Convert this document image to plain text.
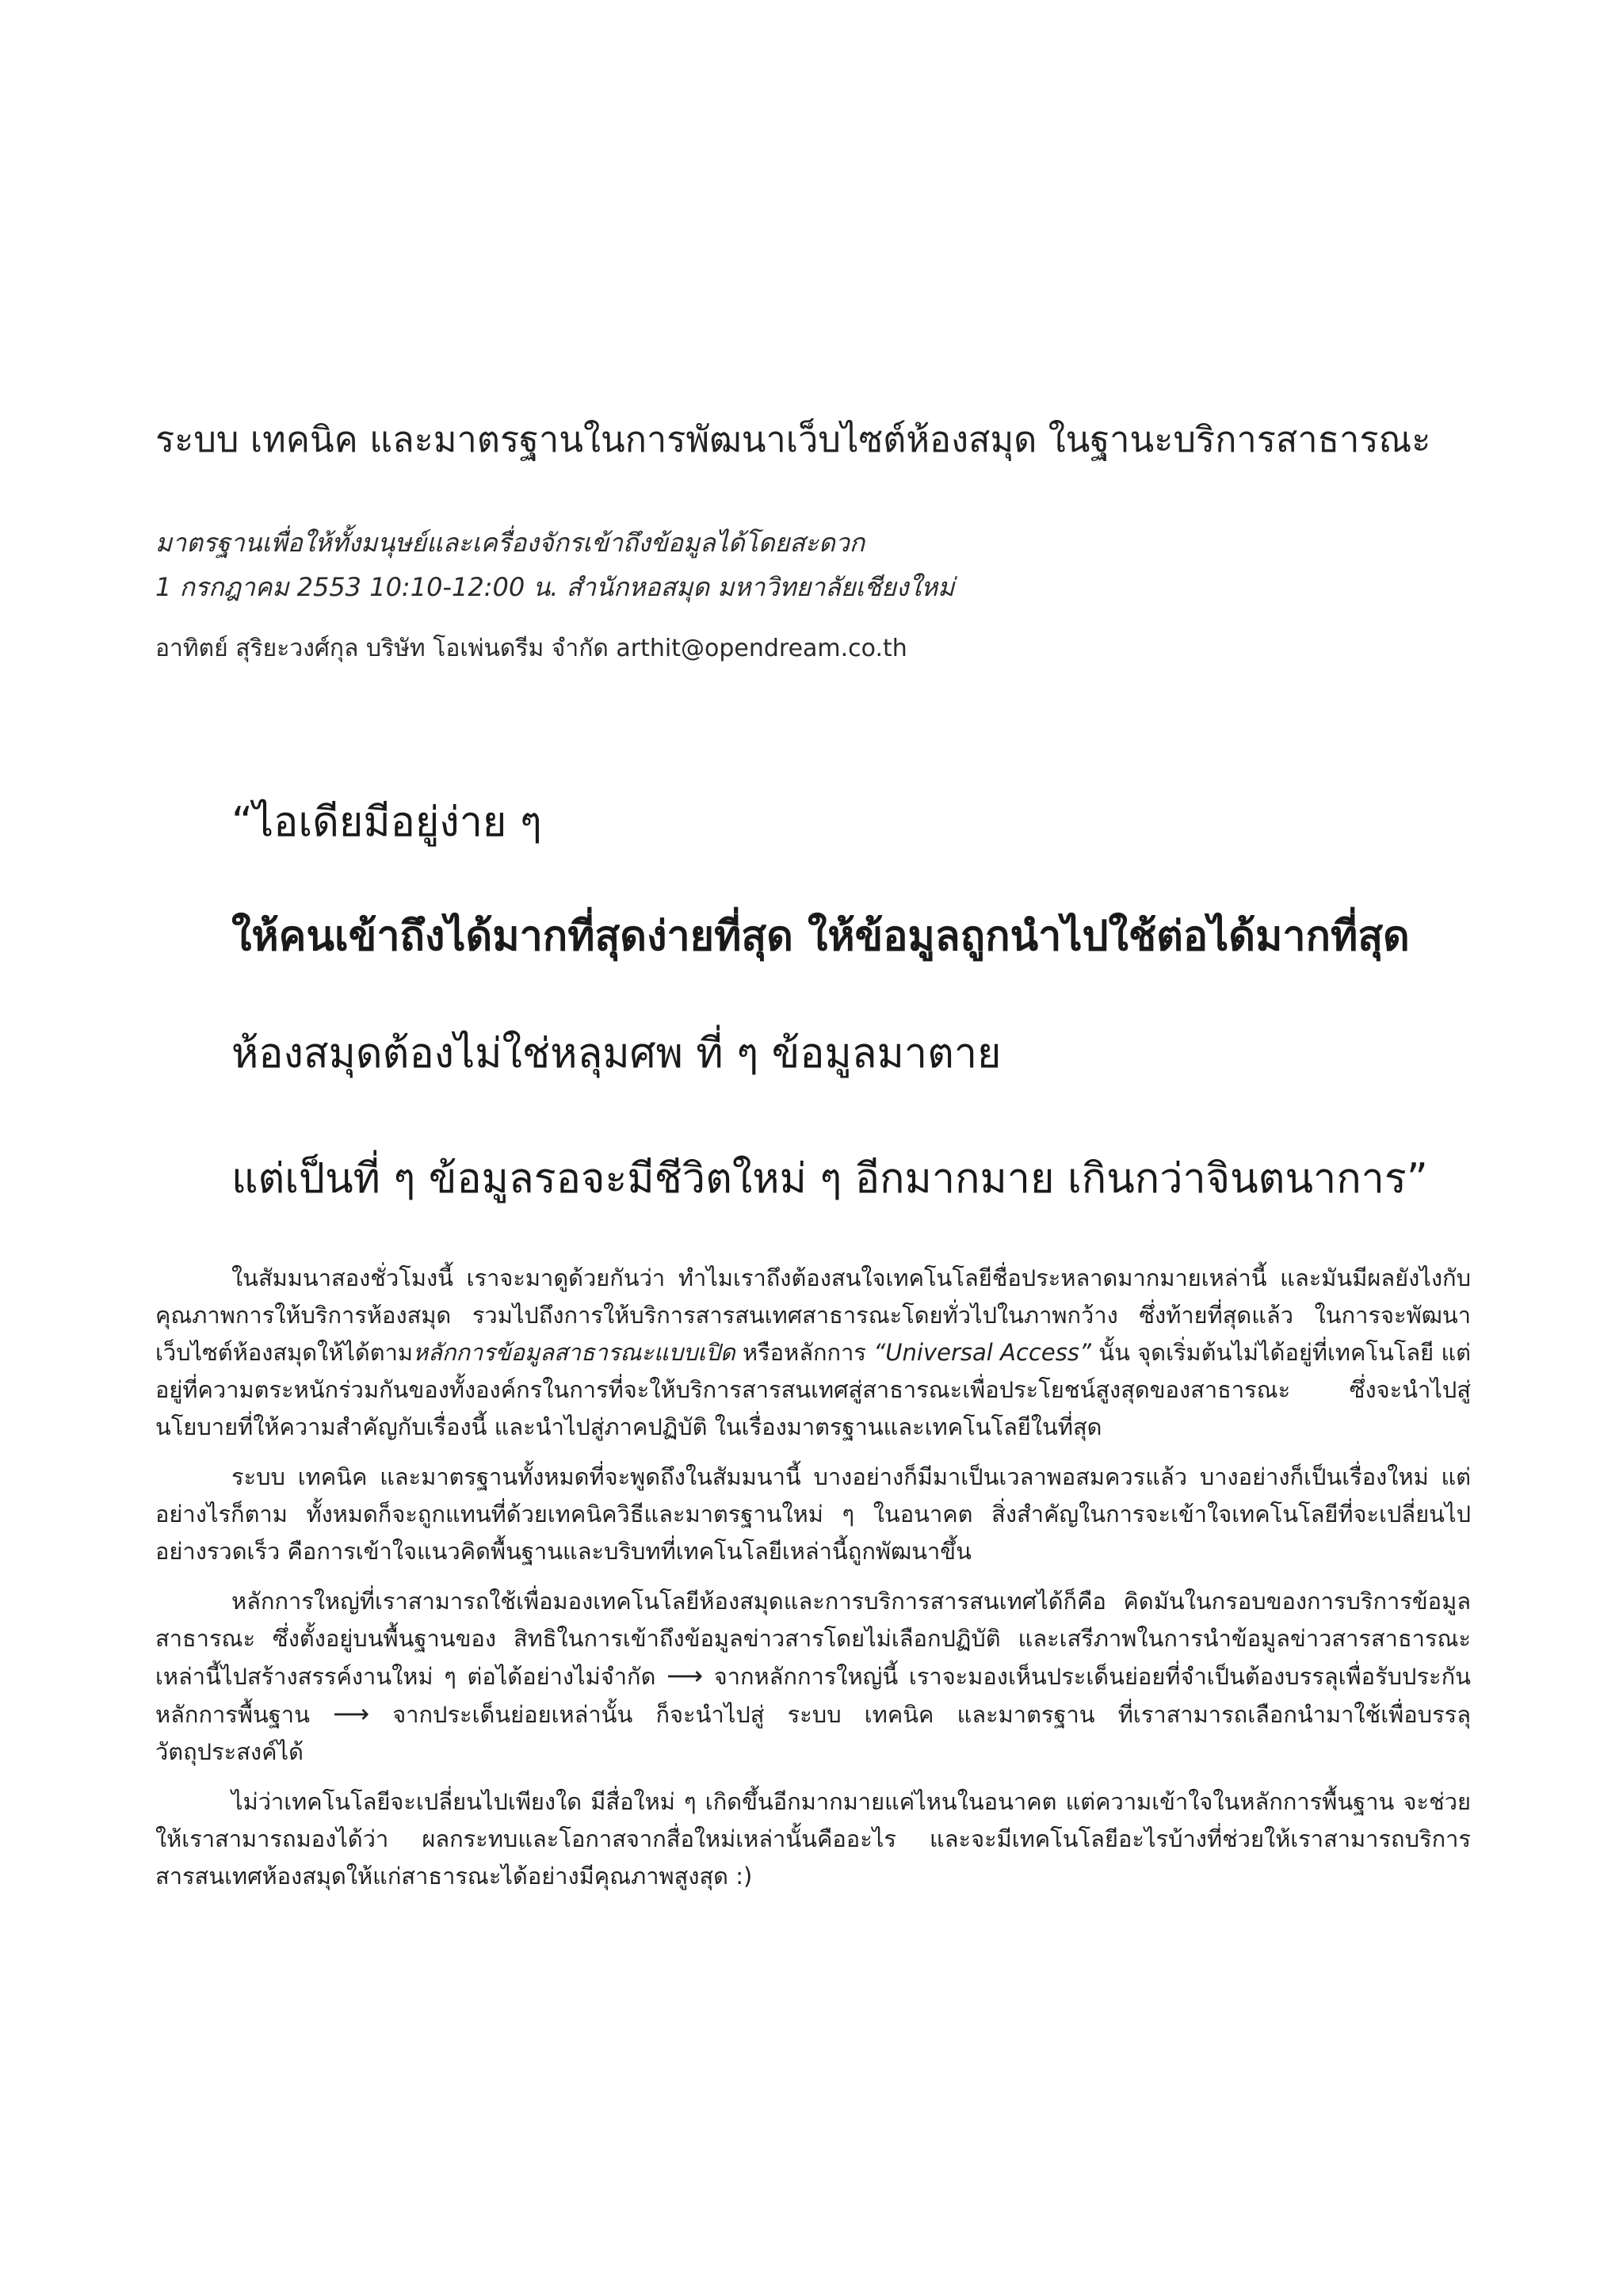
ระบบ เทคนิค และมาตรฐานในการพัฒนาเว็บไซต์ห้องสมุด ในฐานะบริการสาธารณะ
มาตรฐานเพื่อให้ทั้งมนุษย์และเครื่องจักรเข้าถึงข้อมูลได้โดยสะดวก
1 กรกฎาคม 2553 10:10-12:00 น. สำนักหอสมุด มหาวิทยาลัยเชียงใหม่
อาทิตย์ สุริยะวงศ์กุล บริษัท โอเพ่นดรีม จำกัด arthit@opendream.co.th
“ไอเดียมีอยู่ง่าย ๆ
ให้คนเข้าถึงได้มากที่สุดง่ายที่สุด ให้ข้อมูลถูกนำไปใช้ต่อได้มากที่สุด
ห้องสมุดต้องไม่ใช่หลุมศพ ที่ ๆ ข้อมูลมาตาย
แต่เป็นที่ ๆ ข้อมูลรอจะมีชีวิตใหม่ ๆ อีกมากมาย เกินกว่าจินตนาการ”

ในสัมมนาสองชั่วโมงนี้ เราจะมาดูด้วยกันว่า ทำไมเราถึงต้องสนใจเทคโนโลยีชื่อประหลาดมากมายเหล่านี้ และมันมีผลยังไงกับคุณภาพการให้บริการห้องสมุด รวมไปถึงการให้บริการสารสนเทศสาธารณะโดยทั่วไปในภาพกว้าง ซึ่งท้ายที่สุดแล้ว ในการจะพัฒนาเว็บไซต์ห้องสมุดให้ได้ตามหลักการข้อมูลสาธารณะแบบเปิด หรือหลักการ “Universal Access” นั้น จุดเริ่มต้นไม่ได้อยู่ที่เทคโนโลยี แต่อยู่ที่ความตระหนักร่วมกันของทั้งองค์กรในการที่จะให้บริการสารสนเทศสู่สาธารณะเพื่อประโยชน์สูงสุดของสาธารณะ ซึ่งจะนำไปสู่นโยบายที่ให้ความสำคัญกับเรื่องนี้ และนำไปสู่ภาคปฏิบัติ ในเรื่องมาตรฐานและเทคโนโลยีในที่สุด

ระบบ เทคนิค และมาตรฐานทั้งหมดที่จะพูดถึงในสัมมนานี้ บางอย่างก็มีมาเป็นเวลาพอสมควรแล้ว บางอย่างก็เป็นเรื่องใหม่ แต่อย่างไรก็ตาม ทั้งหมดก็จะถูกแทนที่ด้วยเทคนิควิธีและมาตรฐานใหม่ ๆ ในอนาคต สิ่งสำคัญในการจะเข้าใจเทคโนโลยีที่จะเปลี่ยนไปอย่างรวดเร็ว คือการเข้าใจแนวคิดพื้นฐานและบริบทที่เทคโนโลยีเหล่านี้ถูกพัฒนาขึ้น

หลักการใหญ่ที่เราสามารถใช้เพื่อมองเทคโนโลยีห้องสมุดและการบริการสารสนเทศได้ก็คือ คิดมันในกรอบของการบริการข้อมูลสาธารณะ ซึ่งตั้งอยู่บนพื้นฐานของ สิทธิในการเข้าถึงข้อมูลข่าวสารโดยไม่เลือกปฏิบัติ และเสรีภาพในการนำข้อมูลข่าวสารสาธารณะเหล่านี้ไปสร้างสรรค์งานใหม่ ๆ ต่อได้อย่างไม่จำกัด ⟶ จากหลักการใหญ่นี้ เราจะมองเห็นประเด็นย่อยที่จำเป็นต้องบรรลุเพื่อรับประกันหลักการพื้นฐาน ⟶ จากประเด็นย่อยเหล่านั้น ก็จะนำไปสู่ ระบบ เทคนิค และมาตรฐาน ที่เราสามารถเลือกนำมาใช้เพื่อบรรลุวัตถุประสงค์ได้

ไม่ว่าเทคโนโลยีจะเปลี่ยนไปเพียงใด มีสื่อใหม่ ๆ เกิดขึ้นอีกมากมายแค่ไหนในอนาคต แต่ความเข้าใจในหลักการพื้นฐาน จะช่วยให้เราสามารถมองได้ว่า ผลกระทบและโอกาสจากสื่อใหม่เหล่านั้นคืออะไร และจะมีเทคโนโลยีอะไรบ้างที่ช่วยให้เราสามารถบริการสารสนเทศห้องสมุดให้แก่สาธารณะได้อย่างมีคุณภาพสูงสุด :)
